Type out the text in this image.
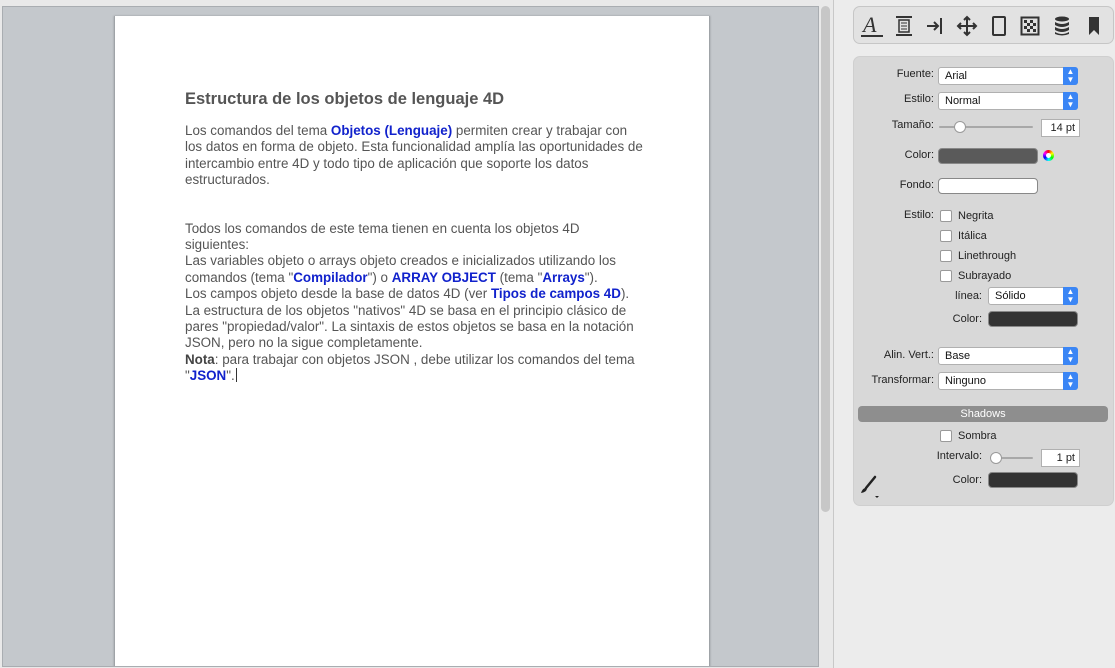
Estructura de los objetos de lenguaje 4D

Los comandos del tema Objetos (Lenguaje) permiten crear y trabajar con los datos en forma de objeto. Esta funcionalidad amplía las oportunidades de intercambio entre 4D y todo tipo de aplicación que soporte los datos estructurados.

Todos los comandos de este tema tienen en cuenta los objetos 4D siguientes:

Las variables objeto o arrays objeto creados e inicializados utilizando los comandos (tema "Compilador") o ARRAY OBJECT (tema "Arrays").

Los campos objeto desde la base de datos 4D (ver Tipos de campos 4D).

La estructura de los objetos "nativos" 4D se basa en el principio clásico de pares "propiedad/valor". La sintaxis de estos objetos se basa en la notación JSON, pero no la sigue completamente.

Nota: para trabajar con objetos JSON , debe utilizar los comandos del tema "JSON".

A
Fuente:	Arial	▲
▼
Estilo:	Normal	▲
▼
Tamaño:	14 pt
Color:
Fondo:
Estilo: Negrita
Itálica
Linethrough
Subrayado
línea:	Sólido	▲
▼
Color:
Alin. Vert.:	Base	▲
▼
Transformar:	Ninguno	▲
▼
Shadows
Sombra
Intervalo:	1 pt
Color:
